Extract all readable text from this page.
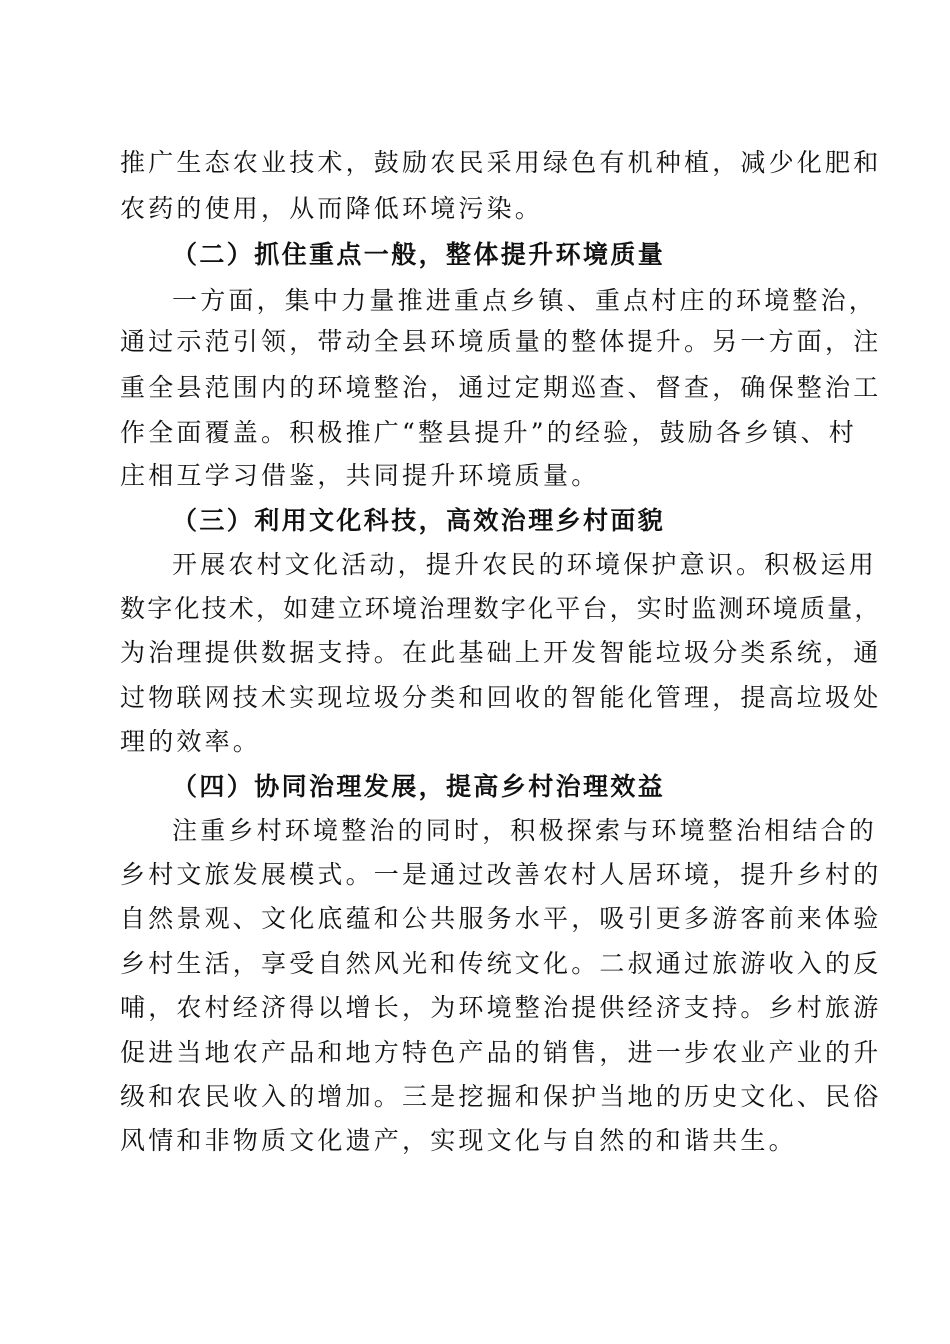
推广生态农业技术，鼓励农民采用绿色有机种植，减少化肥和
农药的使用，从而降低环境污染。
（二）抓住重点一般，整体提升环境质量
一方面，集中力量推进重点乡镇、重点村庄的环境整治，
通过示范引领，带动全县环境质量的整体提升。另一方面，注
重全县范围内的环境整治，通过定期巡查、督查，确保整治工
作全面覆盖。积极推广“整县提升”的经验，鼓励各乡镇、村
庄相互学习借鉴，共同提升环境质量。
（三）利用文化科技，高效治理乡村面貌
开展农村文化活动，提升农民的环境保护意识。积极运用
数字化技术，如建立环境治理数字化平台，实时监测环境质量，
为治理提供数据支持。在此基础上开发智能垃圾分类系统，通
过物联网技术实现垃圾分类和回收的智能化管理，提高垃圾处
理的效率。
（四）协同治理发展，提高乡村治理效益
注重乡村环境整治的同时，积极探索与环境整治相结合的
乡村文旅发展模式。一是通过改善农村人居环境，提升乡村的
自然景观、文化底蕴和公共服务水平，吸引更多游客前来体验
乡村生活，享受自然风光和传统文化。二叔通过旅游收入的反
哺，农村经济得以增长，为环境整治提供经济支持。乡村旅游
促进当地农产品和地方特色产品的销售，进一步农业产业的升
级和农民收入的增加。三是挖掘和保护当地的历史文化、民俗
风情和非物质文化遗产，实现文化与自然的和谐共生。
